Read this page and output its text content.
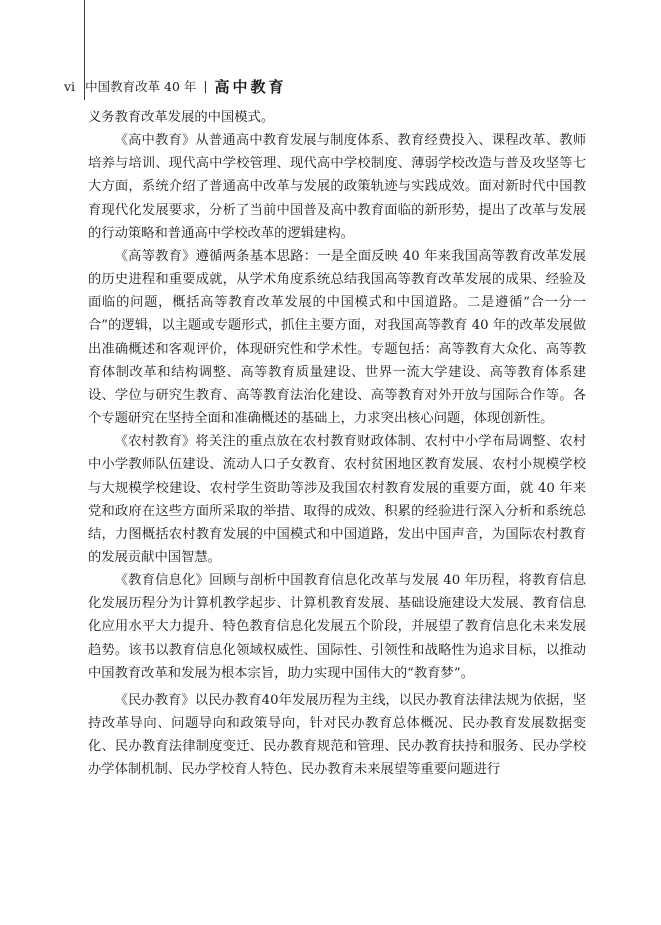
vi 中国教育改革 40 年 | 高中教育

义务教育改革发展的中国模式。

《高中教育》从普通高中教育发展与制度体系、教育经费投入、课程改革、教师培养与培训、现代高中学校管理、现代高中学校制度、薄弱学校改造与普及攻坚等七大方面，系统介绍了普通高中改革与发展的政策轨迹与实践成效。面对新时代中国教育现代化发展要求，分析了当前中国普及高中教育面临的新形势，提出了改革与发展的行动策略和普通高中学校改革的逻辑建构。

《高等教育》遵循两条基本思路：一是全面反映 40 年来我国高等教育改革发展的历史进程和重要成就，从学术角度系统总结我国高等教育改革发展的成果、经验及面临的问题，概括高等教育改革发展的中国模式和中国道路。二是遵循“合一分一合”的逻辑，以主题或专题形式，抓住主要方面，对我国高等教育 40 年的改革发展做出准确概述和客观评价，体现研究性和学术性。专题包括：高等教育大众化、高等教育体制改革和结构调整、高等教育质量建设、世界一流大学建设、高等教育体系建设、学位与研究生教育、高等教育法治化建设、高等教育对外开放与国际合作等。各个专题研究在坚持全面和准确概述的基础上，力求突出核心问题，体现创新性。

《农村教育》将关注的重点放在农村教育财政体制、农村中小学布局调整、农村中小学教师队伍建设、流动人口子女教育、农村贫困地区教育发展、农村小规模学校与大规模学校建设、农村学生资助等涉及我国农村教育发展的重要方面，就 40 年来党和政府在这些方面所采取的举措、取得的成效、积累的经验进行深入分析和系统总结，力图概括农村教育发展的中国模式和中国道路，发出中国声音，为国际农村教育的发展贡献中国智慧。

《教育信息化》回顾与剖析中国教育信息化改革与发展 40 年历程，将教育信息化发展历程分为计算机教学起步、计算机教育发展、基础设施建设大发展、教育信息化应用水平大力提升、特色教育信息化发展五个阶段，并展望了教育信息化未来发展趋势。该书以教育信息化领域权威性、国际性、引领性和战略性为追求目标，以推动中国教育改革和发展为根本宗旨，助力实现中国伟大的“教育梦”。

《民办教育》以民办教育40年发展历程为主线，以民办教育法律法规为依据，坚持改革导向、问题导向和政策导向，针对民办教育总体概况、民办教育发展数据变化、民办教育法律制度变迁、民办教育规范和管理、民办教育扶持和服务、民办学校办学体制机制、民办学校育人特色、民办教育未来展望等重要问题进行
